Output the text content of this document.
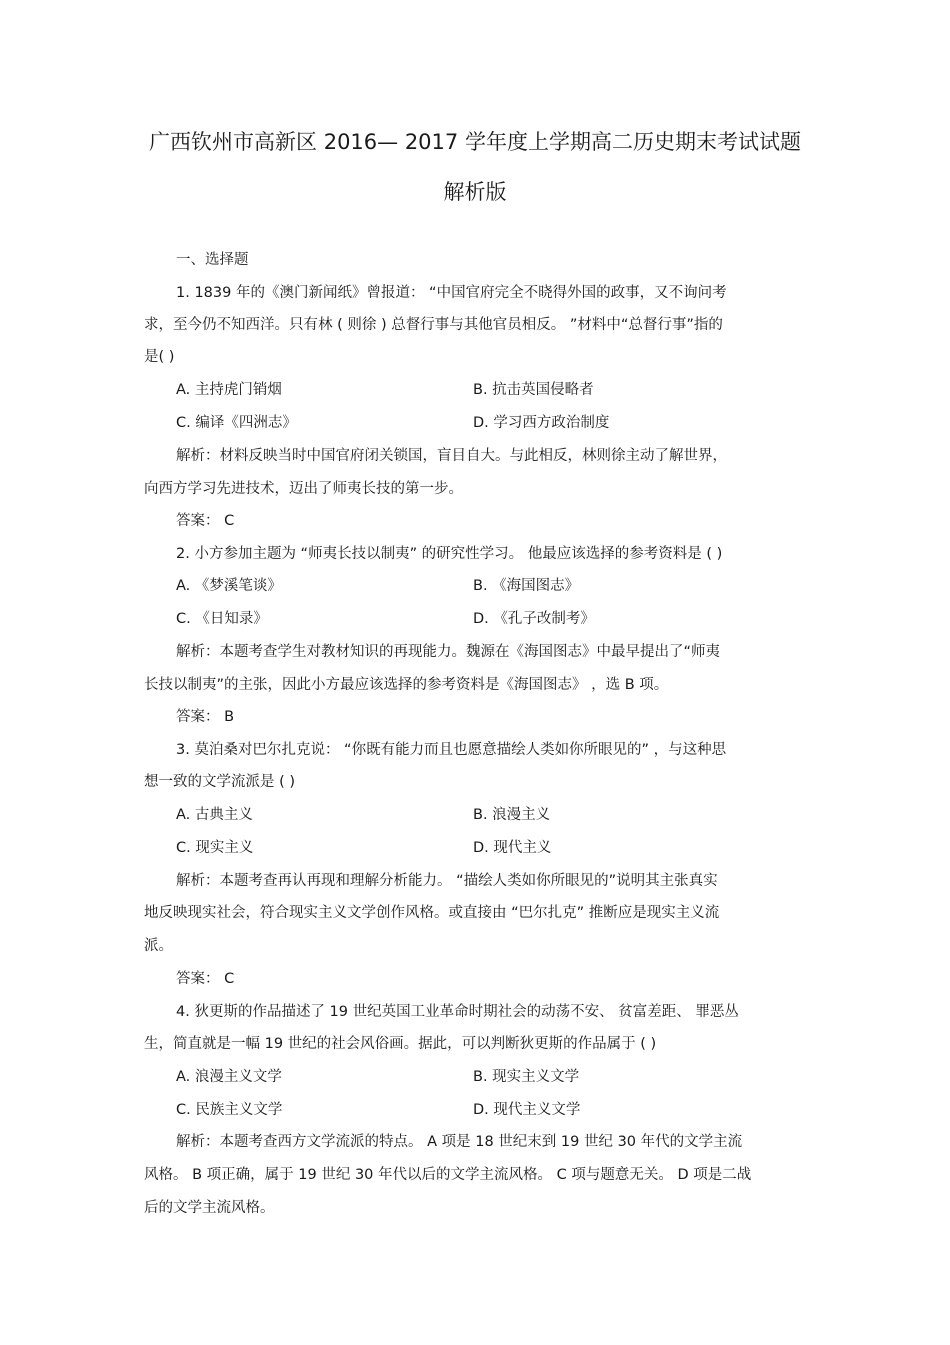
广西钦州市高新区 2016— 2017 学年度上学期高二历史期末考试试题
解析版
一、选择题
1. 1839 年的《澳门新闻纸》曾报道： “中国官府完全不晓得外国的政事，又不询问考
求，至今仍不知西洋。只有林 ( 则徐 ) 总督行事与其他官员相反。 ”材料中“总督行事”指的
是( )
A. 主持虎门销烟	B. 抗击英国侵略者
C. 编译《四洲志》	D. 学习西方政治制度
解析：材料反映当时中国官府闭关锁国，盲目自大。与此相反，林则徐主动了解世界，
向西方学习先进技术，迈出了师夷长技的第一步。
答案： C
2. 小方参加主题为 “师夷长技以制夷” 的研究性学习。 他最应该选择的参考资料是 ( )
A. 《梦溪笔谈》	B. 《海国图志》
C. 《日知录》	D. 《孔子改制考》
解析：本题考查学生对教材知识的再现能力。魏源在《海国图志》中最早提出了“师夷
长技以制夷”的主张，因此小方最应该选择的参考资料是《海国图志》 ，选 B 项。
答案： B
3. 莫泊桑对巴尔扎克说： “你既有能力而且也愿意描绘人类如你所眼见的” ，与这种思
想一致的文学流派是 ( )
A. 古典主义	B. 浪漫主义
C. 现实主义	D. 现代主义
解析：本题考查再认再现和理解分析能力。 “描绘人类如你所眼见的”说明其主张真实
地反映现实社会，符合现实主义文学创作风格。或直接由 “巴尔扎克” 推断应是现实主义流
派。
答案： C
4. 狄更斯的作品描述了 19 世纪英国工业革命时期社会的动荡不安、 贫富差距、 罪恶丛
生，简直就是一幅 19 世纪的社会风俗画。据此，可以判断狄更斯的作品属于 ( )
A. 浪漫主义文学	B. 现实主义文学
C. 民族主义文学	D. 现代主义文学
解析：本题考查西方文学流派的特点。 A 项是 18 世纪末到 19 世纪 30 年代的文学主流
风格。 B 项正确，属于 19 世纪 30 年代以后的文学主流风格。 C 项与题意无关。 D 项是二战
后的文学主流风格。
